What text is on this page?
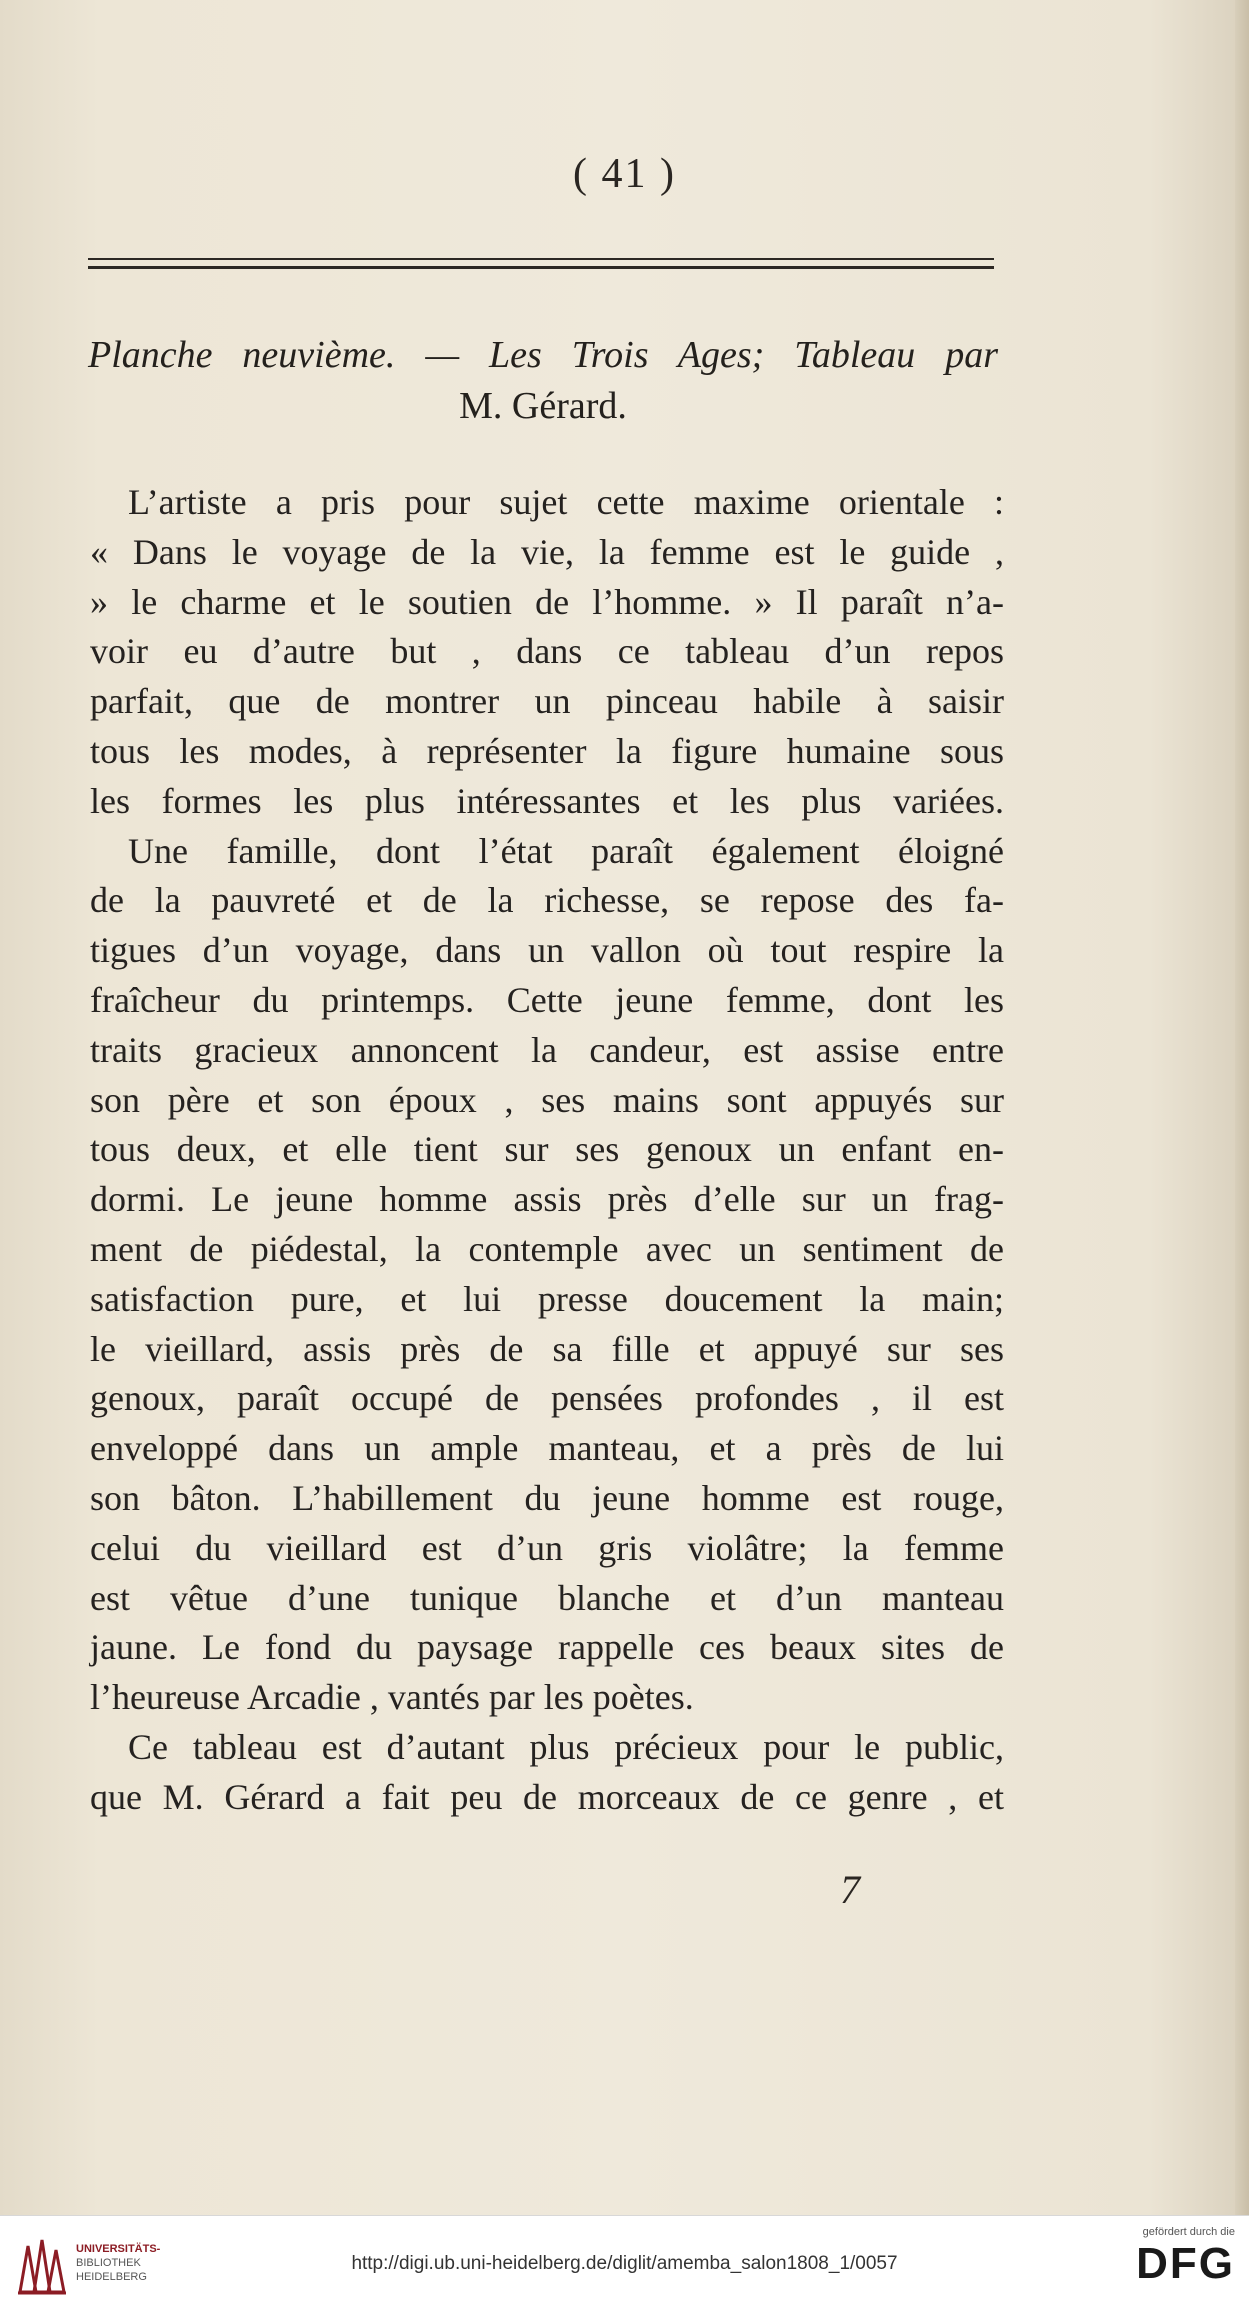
( 41 )
Planche neuvième. — Les Trois Ages; Tableau par
M. Gérard.
L’artiste a pris pour sujet cette maxime orientale :
« Dans le voyage de la vie, la femme est le guide ,
» le charme et le soutien de l’homme. » Il paraît n’a-
voir eu d’autre but , dans ce tableau d’un repos
parfait, que de montrer un pinceau habile à saisir
tous les modes, à représenter la figure humaine sous
les formes les plus intéressantes et les plus variées.
Une famille, dont l’état paraît également éloigné
de la pauvreté et de la richesse, se repose des fa-
tigues d’un voyage, dans un vallon où tout respire la
fraîcheur du printemps. Cette jeune femme, dont les
traits gracieux annoncent la candeur, est assise entre
son père et son époux , ses mains sont appuyés sur
tous deux, et elle tient sur ses genoux un enfant en-
dormi. Le jeune homme assis près d’elle sur un frag-
ment de piédestal, la contemple avec un sentiment de
satisfaction pure, et lui presse doucement la main;
le vieillard, assis près de sa fille et appuyé sur ses
genoux, paraît occupé de pensées profondes , il est
enveloppé dans un ample manteau, et a près de lui
son bâton. L’habillement du jeune homme est rouge,
celui du vieillard est d’un gris violâtre; la femme
est vêtue d’une tunique blanche et d’un manteau
jaune. Le fond du paysage rappelle ces beaux sites de
l’heureuse Arcadie , vantés par les poètes.
Ce tableau est d’autant plus précieux pour le public,
que M. Gérard a fait peu de morceaux de ce genre , et
7
UNIVERSITÄTS-
BIBLIOTHEK
HEIDELBERG
http://digi.ub.uni-heidelberg.de/diglit/amemba_salon1808_1/0057
gefördert durch die
DFG
